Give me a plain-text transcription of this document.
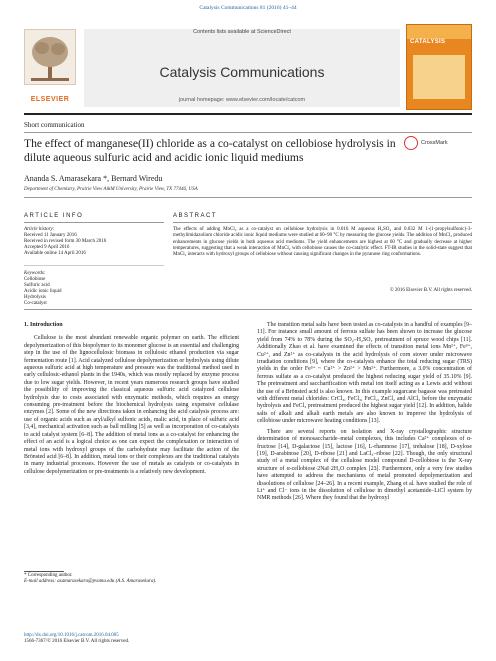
Catalysis Communications 81 (2016) 41–44
ELSEVIER
Contents lists available at ScienceDirect
Catalysis Communications
journal homepage: www.elsevier.com/locate/catcom
CATALYSIS
Short communication
The effect of manganese(II) chloride as a co-catalyst on cellobiose hydrolysis in dilute aqueous sulfuric acid and acidic ionic liquid mediums
CrossMark
Ananda S. Amarasekara *, Bernard Wiredu
Department of Chemistry, Prairie View A&M University, Prairie View, TX 77446, USA
ARTICLE INFO	ABSTRACT
Article history:
Received 11 January 2016
Received in revised form 30 March 2016
Accepted 9 April 2016
Available online 14 April 2016
Keywords:
Cellobiose
Sulfuric acid
Acidic ionic liquid
Hydrolysis
Co-catalyst
The effects of adding MnCl₂ as a co-catalyst on cellobiose hydrolysis in 0.016 M aqueous H₂SO₄ and 0.032 M 1-(1-propylsulfonic)-3-methylimidazolium chloride acidic ionic liquid mediums were studied at 60–90 °C by measuring the glucose yields. The addition of MnCl₂ produced enhancements in glucose yields in both aqueous acid mediums. The yield enhancements are highest at 60 °C and gradually decrease at higher temperatures, suggesting that a weak interaction of MnCl₂ with cellobiose causes the co-catalytic effect. FT-IR studies in the solid-state suggest that MnCl₂ interacts with hydroxyl groups of cellobiose without causing significant changes in the pyranose ring conformations.
© 2016 Elsevier B.V. All rights reserved.
1. Introduction

Cellulose is the most abundant renewable organic polymer on earth. The efficient depolymerization of this biopolymer to its monomer glucose is an essential and challenging step in the use of the lignocellulosic biomass in cellulosic ethanol production via sugar fermentation route [1]. Acid catalyzed cellulose depolymerization or hydrolysis using dilute aqueous sulfuric acid at high temperature and pressure was the traditional method used in early cellulosic-ethanol plants in the 1940s, which was mostly replaced by enzyme process due to low sugar yields. However, in recent years numerous research groups have studied the possibility of improving the classical aqueous sulfuric acid catalyzed cellulose hydrolysis due to costs associated with enzymatic methods, which requires an energy consuming pre-treatment before the biochemical hydrolysis using expensive cellulase enzymes [2]. Some of the new directions taken in enhancing the acid catalysis process are: use of organic acids such as aryl/alkyl sulfonic acids, malic acid, in place of sulfuric acid [3,4], mechanical activation such as ball milling [5] as well as incorporation of co-catalysts to acid catalyst system [6–8]. The addition of metal ions as a co-catalyst for enhancing the effect of an acid is a logical choice as one can expect the complexation or interaction of metal ions with hydroxyl groups of the carbohydrate may facilitate the action of the Brönsted acid [6–8]. In addition, metal ions or their complexes are the traditional catalysts in many industrial processes. However the use of metals as catalysts or co-catalysts in cellulose depolymerization or pre-treatments is a relatively new development.

The transition metal salts have been tested as co-catalysts in a handful of examples [9–11]. For instance small amount of ferrous sulfate has been shown to increase the glucose yield from 74% to 78% during the SO₂–H₂SO₃ pretreatment of spruce wood chips [11]. Additionally Zhao et al. have examined the effects of transition metal ions Mn²⁺, Fe³⁺, Cu²⁺, and Zn²⁺ as co-catalysts in the acid hydrolysis of corn stover under microwave irradiation conditions [9], where the co-catalysts enhance the total reducing sugar (TRS) yields in the order Fe³⁺ ~ Cu²⁺ > Zn²⁺ > Mn²⁺. Furthermore, a 3.0% concentration of ferrous sulfate as a co-catalyst produced the highest reducing sugar yield of 35.10% [9]. The pretreatment and saccharification with metal ion itself acting as a Lewis acid without the use of a Brönsted acid is also known. In this example sugarcane bagasse was pretreated with different metal chlorides: CrCl₃, FeCl₃, FeCl₂, ZnCl₂ and AlCl₃ before the enzymatic hydrolysis and FeCl₃ pretreatment produced the highest sugar yield [12]. In addition, halide salts of alkali and alkali earth metals are also known to improve the hydrolysis of cellobiose under microwave heating conditions [13].

There are several reports on isolation and X-ray crystallographic structure determination of monosaccharide–metal complexes, this includes Ca²⁺ complexes of α-fructose [14], D-galactose [15], lactose [16], L-rhamnose [17], trehalose [18], D-xylose [19], D-arabinose [20], D-ribose [21] and LaCl₃–ribose [22]. Though, the only structural study of a metal complex of the cellulose model compound D-cellobiose is the X-ray structure of α-cellobiose·2NaI·2H₂O complex [23]. Furthermore, only a very few studies have attempted to address the mechanisms of metal promoted depolymerization and dissolutions of cellulose [24–26]. In a recent example, Zhang et al. have studied the role of Li⁺ and Cl⁻ ions in the dissolution of cellulose in dimethyl acetamide–LiCl system by NMR methods [26]. Where they found that the hydroxyl

* Corresponding author.
E-mail address: asamarasekara@pvamu.edu (A.S. Amarasekara).
http://dx.doi.org/10.1016/j.catcom.2016.04.005
1566-7367/© 2016 Elsevier B.V. All rights reserved.
